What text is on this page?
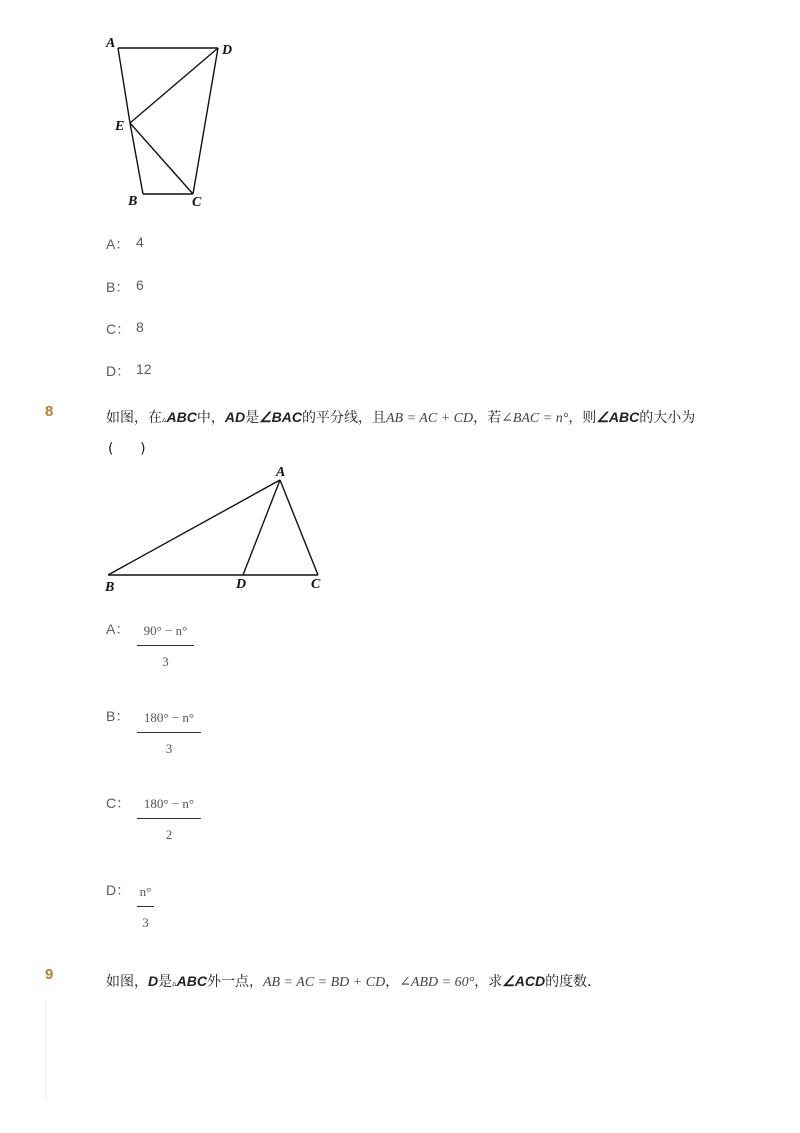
A	D
E
B	C
A： 4
B： 6
C： 8
D： 12
8	如图，在▵ABC中，AD是∠BAC的平分线，且AB = AC + CD，若∠BAC = n°，则∠ABC的大小为
(      )
A
B	D	C
A：	90° − n°
3
B：	180° − n°
3
C：	180° − n°
2
D： n°
3
9	如图，D是▵ABC外一点，AB = AC = BD + CD，∠ABD = 60°，求∠ACD的度数．
